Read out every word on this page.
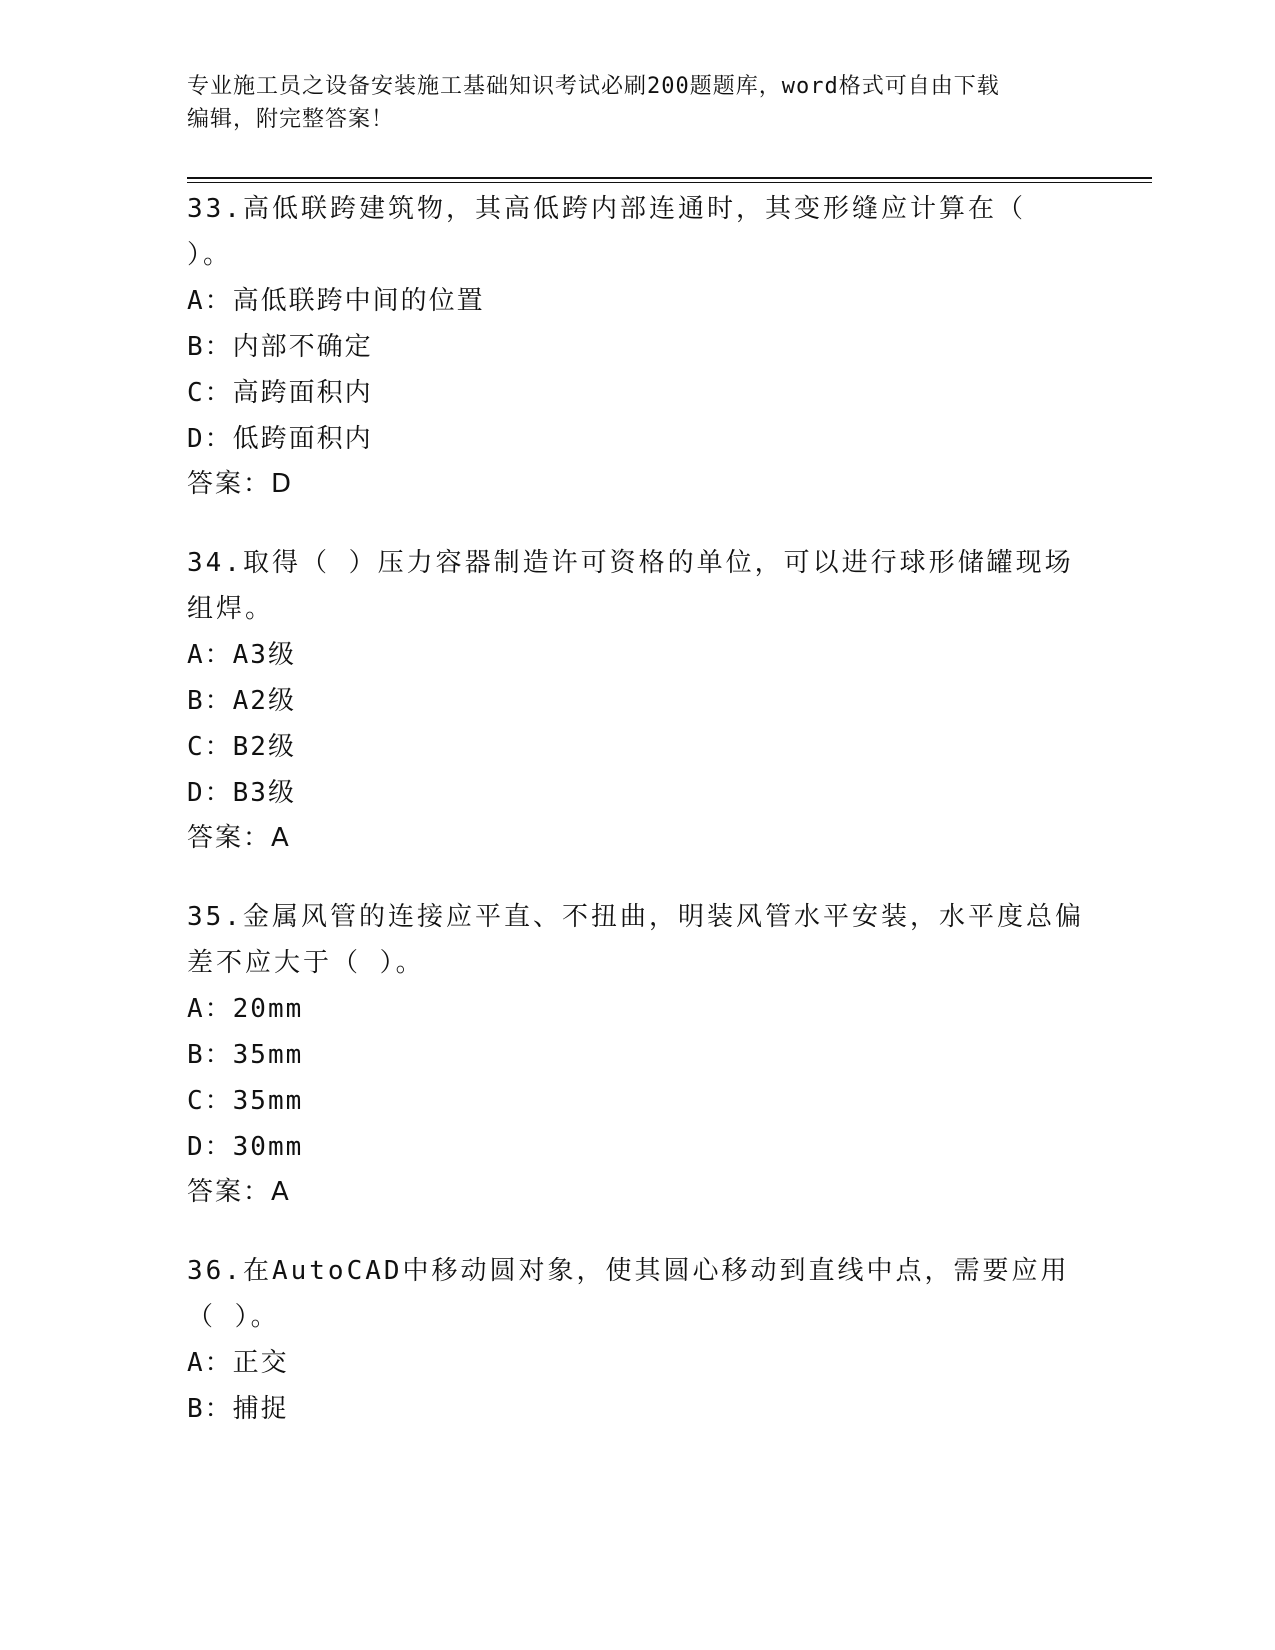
专业施工员之设备安装施工基础知识考试必刷200题题库，word格式可自由下载
编辑，附完整答案！
33.高低联跨建筑物，其高低跨内部连通时，其变形缝应计算在（ ）。
A：高低联跨中间的位置
B：内部不确定
C：高跨面积内
D：低跨面积内
答案：D
34.取得（ ）压力容器制造许可资格的单位，可以进行球形储罐现场组焊。
A：A3级
B：A2级
C：B2级
D：B3级
答案：A
35.金属风管的连接应平直、不扭曲，明装风管水平安装，水平度总偏差不应大于（ ）。
A：20mm
B：35mm
C：35mm
D：30mm
答案：A
36.在AutoCAD中移动圆对象，使其圆心移动到直线中点，需要应用（ ）。
A：正交
B：捕捉
